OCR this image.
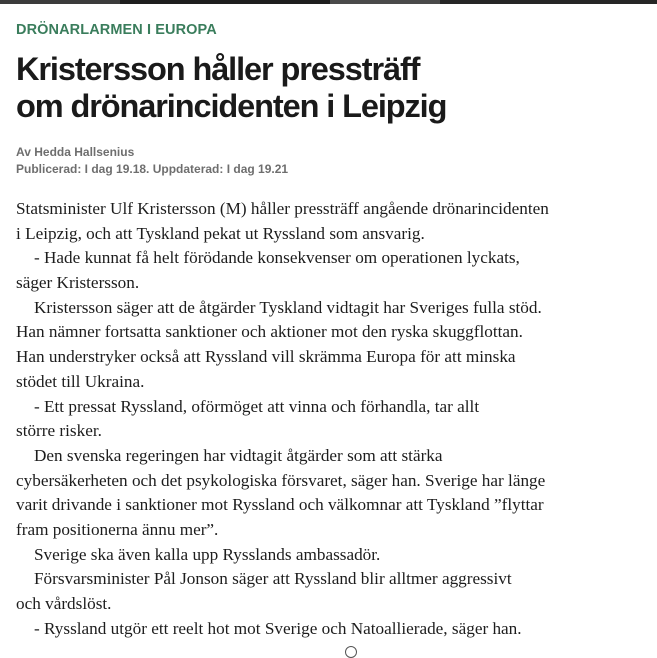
DRÖNARLARMEN I EUROPA
Kristersson håller pressträff
om drönarincidenten i Leipzig
Av Hedda Hallsenius
Publicerad: I dag 19.18. Uppdaterad: I dag 19.21
Statsminister Ulf Kristersson (M) håller pressträff angående drönarincidenten
i Leipzig, och att Tyskland pekat ut Ryssland som ansvarig.
- Hade kunnat få helt förödande konsekvenser om operationen lyckats,
säger Kristersson.
Kristersson säger att de åtgärder Tyskland vidtagit har Sveriges fulla stöd.
Han nämner fortsatta sanktioner och aktioner mot den ryska skuggflottan.
Han understryker också att Ryssland vill skrämma Europa för att minska
stödet till Ukraina.
- Ett pressat Ryssland, oförmöget att vinna och förhandla, tar allt
större risker.
Den svenska regeringen har vidtagit åtgärder som att stärka
cybersäkerheten och det psykologiska försvaret, säger han. Sverige har länge
varit drivande i sanktioner mot Ryssland och välkomnar att Tyskland ”flyttar
fram positionerna ännu mer”.
Sverige ska även kalla upp Rysslands ambassadör.
Försvarsminister Pål Jonson säger att Ryssland blir alltmer aggressivt
och vårdslöst.
- Ryssland utgör ett reelt hot mot Sverige och Natoallierade, säger han.
